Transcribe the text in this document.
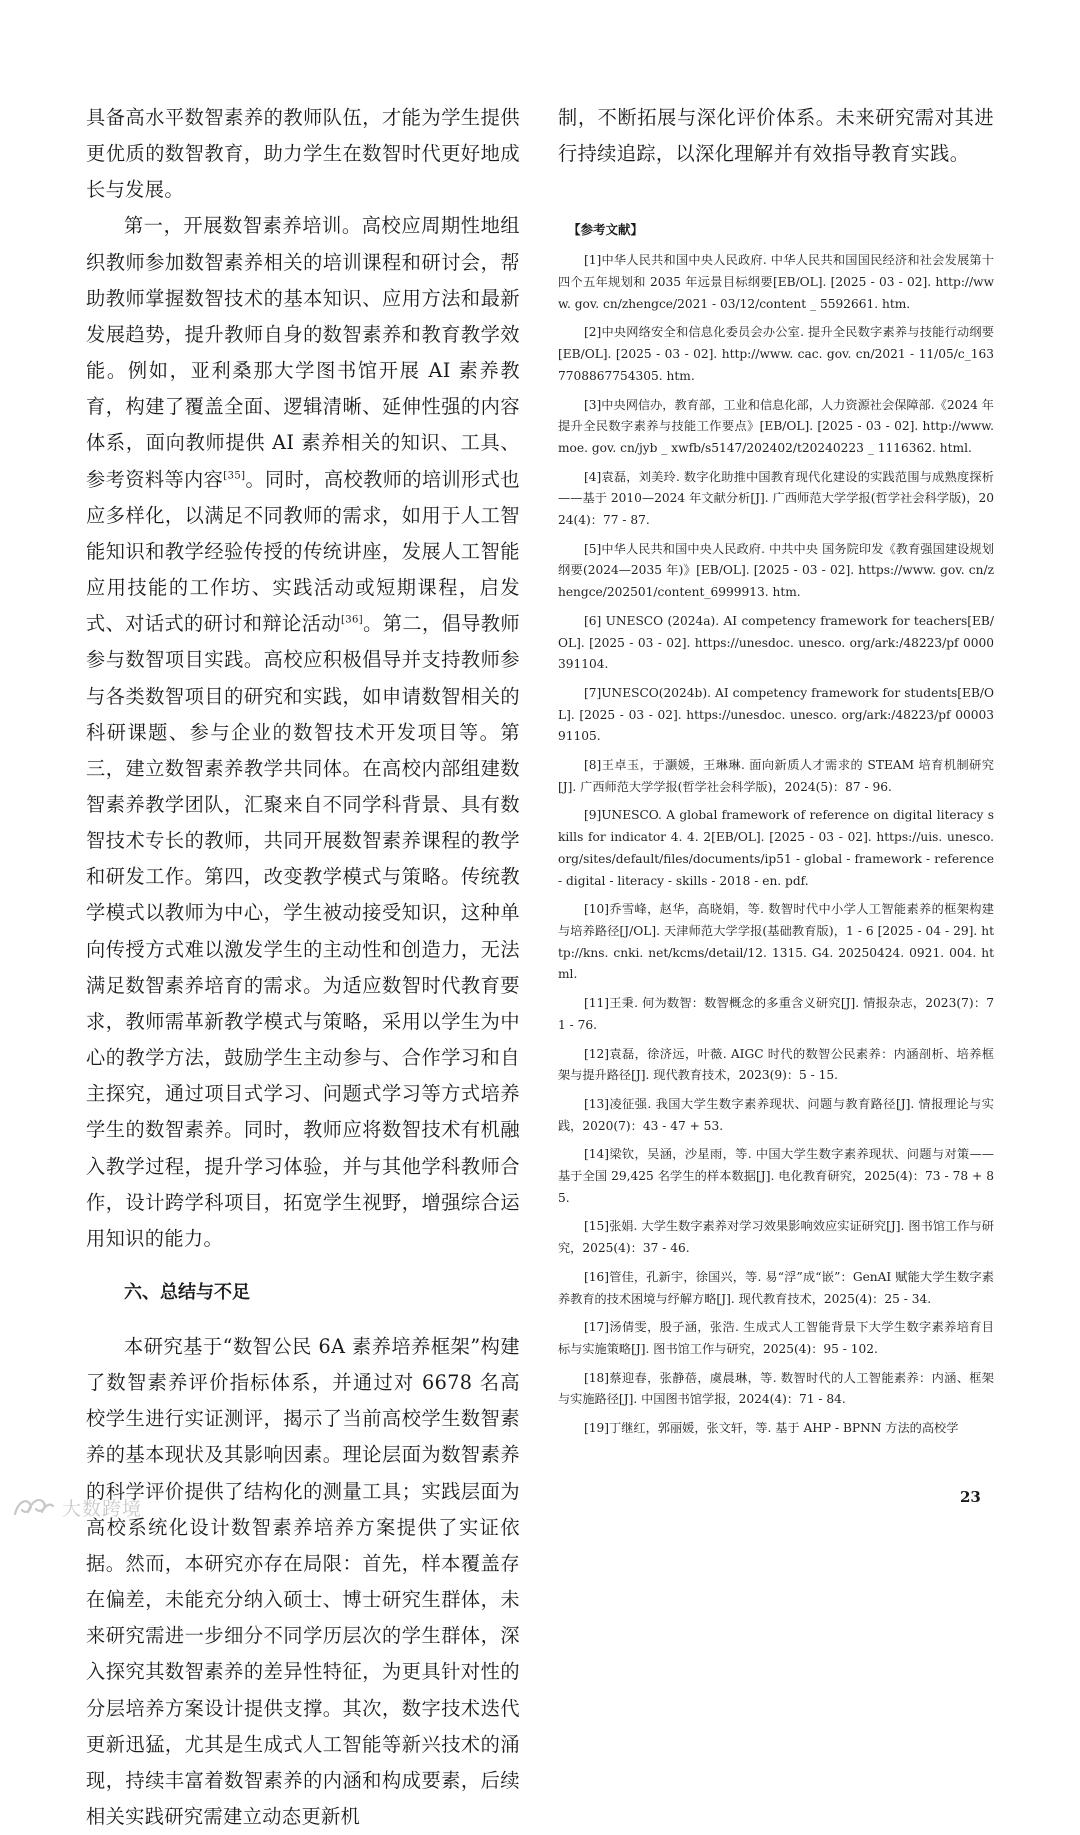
具备高水平数智素养的教师队伍，才能为学生提供更优质的数智教育，助力学生在数智时代更好地成长与发展。

第一，开展数智素养培训。高校应周期性地组织教师参加数智素养相关的培训课程和研讨会，帮助教师掌握数智技术的基本知识、应用方法和最新发展趋势，提升教师自身的数智素养和教育教学效能。例如，亚利桑那大学图书馆开展 AI 素养教育，构建了覆盖全面、逻辑清晰、延伸性强的内容体系，面向教师提供 AI 素养相关的知识、工具、参考资料等内容[35]。同时，高校教师的培训形式也应多样化，以满足不同教师的需求，如用于人工智能知识和教学经验传授的传统讲座，发展人工智能应用技能的工作坊、实践活动或短期课程，启发式、对话式的研讨和辩论活动[36]。第二，倡导教师参与数智项目实践。高校应积极倡导并支持教师参与各类数智项目的研究和实践，如申请数智相关的科研课题、参与企业的数智技术开发项目等。第三，建立数智素养教学共同体。在高校内部组建数智素养教学团队，汇聚来自不同学科背景、具有数智技术专长的教师，共同开展数智素养课程的教学和研发工作。第四，改变教学模式与策略。传统教学模式以教师为中心，学生被动接受知识，这种单向传授方式难以激发学生的主动性和创造力，无法满足数智素养培育的需求。为适应数智时代教育要求，教师需革新教学模式与策略，采用以学生为中心的教学方法，鼓励学生主动参与、合作学习和自主探究，通过项目式学习、问题式学习等方式培养学生的数智素养。同时，教师应将数智技术有机融入教学过程，提升学习体验，并与其他学科教师合作，设计跨学科项目，拓宽学生视野，增强综合运用知识的能力。

六、总结与不足

本研究基于“数智公民 6A 素养培养框架”构建了数智素养评价指标体系，并通过对 6678 名高校学生进行实证测评，揭示了当前高校学生数智素养的基本现状及其影响因素。理论层面为数智素养的科学评价提供了结构化的测量工具；实践层面为高校系统化设计数智素养培养方案提供了实证依据。然而，本研究亦存在局限：首先，样本覆盖存在偏差，未能充分纳入硕士、博士研究生群体，未来研究需进一步细分不同学历层次的学生群体，深入探究其数智素养的差异性特征，为更具针对性的分层培养方案设计提供支撑。其次，数字技术迭代更新迅猛，尤其是生成式人工智能等新兴技术的涌现，持续丰富着数智素养的内涵和构成要素，后续相关实践研究需建立动态更新机

制，不断拓展与深化评价体系。未来研究需对其进行持续追踪，以深化理解并有效指导教育实践。

【参考文献】

[1]中华人民共和国中央人民政府. 中华人民共和国国民经济和社会发展第十四个五年规划和 2035 年远景目标纲要[EB/OL]. [2025 - 03 - 02]. http://www. gov. cn/zhengce/2021 - 03/12/content _ 5592661. htm.

[2]中央网络安全和信息化委员会办公室. 提升全民数字素养与技能行动纲要[EB/OL]. [2025 - 03 - 02]. http://www. cac. gov. cn/2021 - 11/05/c_1637708867754305. htm.

[3]中央网信办，教育部，工业和信息化部，人力资源社会保障部.《2024 年提升全民数字素养与技能工作要点》[EB/OL]. [2025 - 03 - 02]. http://www. moe. gov. cn/jyb _ xwfb/s5147/202402/t20240223 _ 1116362. html.

[4]袁磊，刘美玲. 数字化助推中国教育现代化建设的实践范围与成熟度探析——基于 2010—2024 年文献分析[J]. 广西师范大学学报(哲学社会科学版)，2024(4)：77 - 87.

[5]中华人民共和国中央人民政府. 中共中央 国务院印发《教育强国建设规划纲要(2024—2035 年)》[EB/OL]. [2025 - 03 - 02]. https://www. gov. cn/zhengce/202501/content_6999913. htm.

[6] UNESCO (2024a). AI competency framework for teachers[EB/OL]. [2025 - 03 - 02]. https://unesdoc. unesco. org/ark:/48223/pf 0000391104.

[7]UNESCO(2024b). AI competency framework for students[EB/OL]. [2025 - 03 - 02]. https://unesdoc. unesco. org/ark:/48223/pf 0000391105.

[8]王卓玉，于灏媛，王琳琳. 面向新质人才需求的 STEAM 培育机制研究[J]. 广西师范大学学报(哲学社会科学版)，2024(5)：87 - 96.

[9]UNESCO. A global framework of reference on digital literacy skills for indicator 4. 4. 2[EB/OL]. [2025 - 03 - 02]. https://uis. unesco. org/sites/default/files/documents/ip51 - global - framework - reference - digital - literacy - skills - 2018 - en. pdf.

[10]乔雪峰，赵华，高晓娟，等. 数智时代中小学人工智能素养的框架构建与培养路径[J/OL]. 天津师范大学学报(基础教育版)，1 - 6 [2025 - 04 - 29]. http://kns. cnki. net/kcms/detail/12. 1315. G4. 20250424. 0921. 004. html.

[11]王秉. 何为数智：数智概念的多重含义研究[J]. 情报杂志，2023(7)：71 - 76.

[12]袁磊，徐济远，叶薇. AIGC 时代的数智公民素养：内涵剖析、培养框架与提升路径[J]. 现代教育技术，2023(9)：5 - 15.

[13]凌征强. 我国大学生数字素养现状、问题与教育路径[J]. 情报理论与实践，2020(7)：43 - 47 + 53.

[14]梁钦，吴涵，沙星雨，等. 中国大学生数字素养现状、问题与对策——基于全国 29,425 名学生的样本数据[J]. 电化教育研究，2025(4)：73 - 78 + 85.

[15]张娟. 大学生数字素养对学习效果影响效应实证研究[J]. 图书馆工作与研究，2025(4)：37 - 46.

[16]管佳，孔新宇，徐国兴，等. 易“浮”成“嵌”：GenAI 赋能大学生数字素养教育的技术困境与纾解方略[J]. 现代教育技术，2025(4)：25 - 34.

[17]汤倩雯，殷子涵，张浩. 生成式人工智能背景下大学生数字素养培育目标与实施策略[J]. 图书馆工作与研究，2025(4)：95 - 102.

[18]蔡迎春，张静蓓，虞晨琳，等. 数智时代的人工智能素养：内涵、框架与实施路径[J]. 中国图书馆学报，2024(4)：71 - 84.

[19]丁继红，郭丽媛，张文轩，等. 基于 AHP - BPNN 方法的高校学

23
大数跨境
